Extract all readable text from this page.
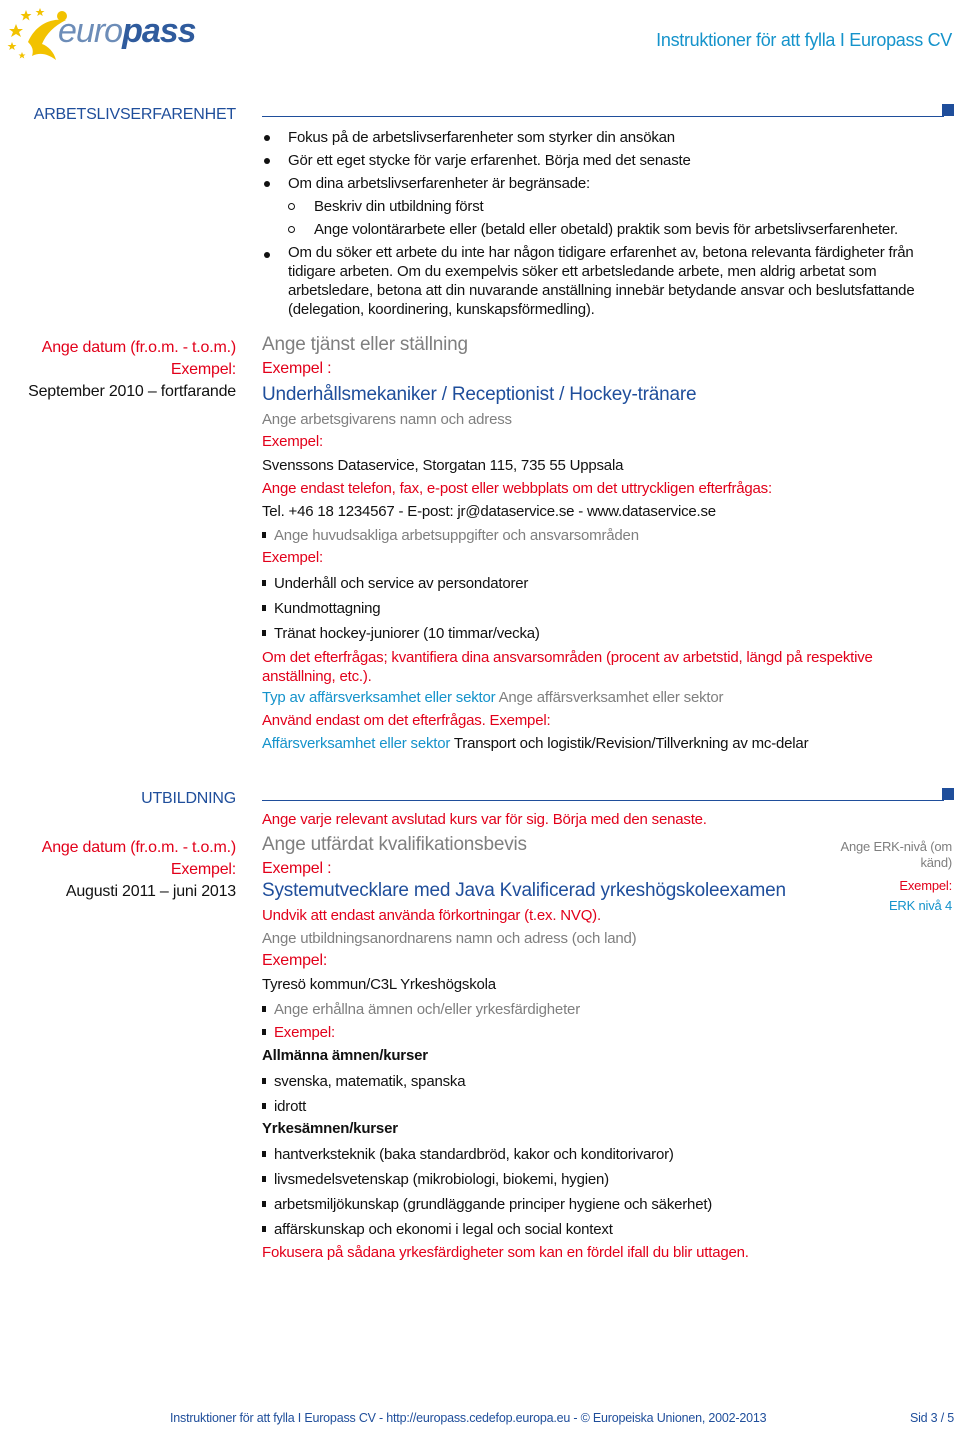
europass	Instruktioner för att fylla I Europass CV
ARBETSLIVSERFARENHET
Fokus på de arbetslivserfarenheter som styrker din ansökan
Gör ett eget stycke för varje erfarenhet. Börja med det senaste
Om dina arbetslivserfarenheter är begränsade:
Beskriv din utbildning först
Ange volontärarbete eller (betald eller obetald) praktik som bevis för arbetslivserfarenheter.
Om du söker ett arbete du inte har någon tidigare erfarenhet av, betona relevanta färdigheter från tidigare arbeten. Om du exempelvis söker ett arbetsledande arbete, men aldrig arbetat som arbetsledare, betona att din nuvarande anställning innebär betydande ansvar och beslutsfattande (delegation, koordinering, kunskapsförmedling).
Ange datum (fr.o.m. - t.o.m.)
Exempel:
September 2010 – fortfarande
Ange tjänst eller ställning
Exempel :
Underhållsmekaniker / Receptionist / Hockey-tränare
Ange arbetsgivarens namn och adress
Exempel:
Svenssons Dataservice, Storgatan 115, 735 55 Uppsala
Ange endast telefon, fax, e-post eller webbplats om det uttryckligen efterfrågas:
Tel. +46 18 1234567 - E-post: jr@dataservice.se - www.dataservice.se
Ange huvudsakliga arbetsuppgifter och ansvarsområden
Exempel:
Underhåll och service av persondatorer
Kundmottagning
Tränat hockey-juniorer (10 timmar/vecka)
Om det efterfrågas; kvantifiera dina ansvarsområden (procent av arbetstid, längd på respektive anställning, etc.).
Typ av affärsverksamhet eller sektor Ange affärsverksamhet eller sektor
Använd endast om det efterfrågas. Exempel:
Affärsverksamhet eller sektor Transport och logistik/Revision/Tillverkning av mc-delar
UTBILDNING
Ange varje relevant avslutad kurs var för sig. Börja med den senaste.
Ange datum (fr.o.m. - t.o.m.)
Exempel:
Augusti 2011 – juni 2013
Ange utfärdat kvalifikationsbevis
Exempel :
Systemutvecklare med Java Kvalificerad yrkeshögskoleexamen
Undvik att endast använda förkortningar (t.ex. NVQ).
Ange utbildningsanordnarens namn och adress (och land)
Exempel:
Tyresö kommun/C3L Yrkeshögskola
Ange erhållna ämnen och/eller yrkesfärdigheter
Exempel:
Allmänna ämnen/kurser
svenska, matematik, spanska
idrott
Yrkesämnen/kurser
hantverksteknik (baka standardbröd, kakor och konditorivaror)
livsmedelsvetenskap (mikrobiologi, biokemi, hygien)
arbetsmiljökunskap (grundläggande principer hygiene och säkerhet)
affärskunskap och ekonomi i legal och social kontext
Fokusera på sådana yrkesfärdigheter som kan en fördel ifall du blir uttagen.
Ange ERK-nivå (om känd)
Exempel:
ERK nivå 4
Instruktioner för att fylla I Europass CV - http://europass.cedefop.europa.eu - © Europeiska Unionen, 2002-2013	Sid 3 / 5
